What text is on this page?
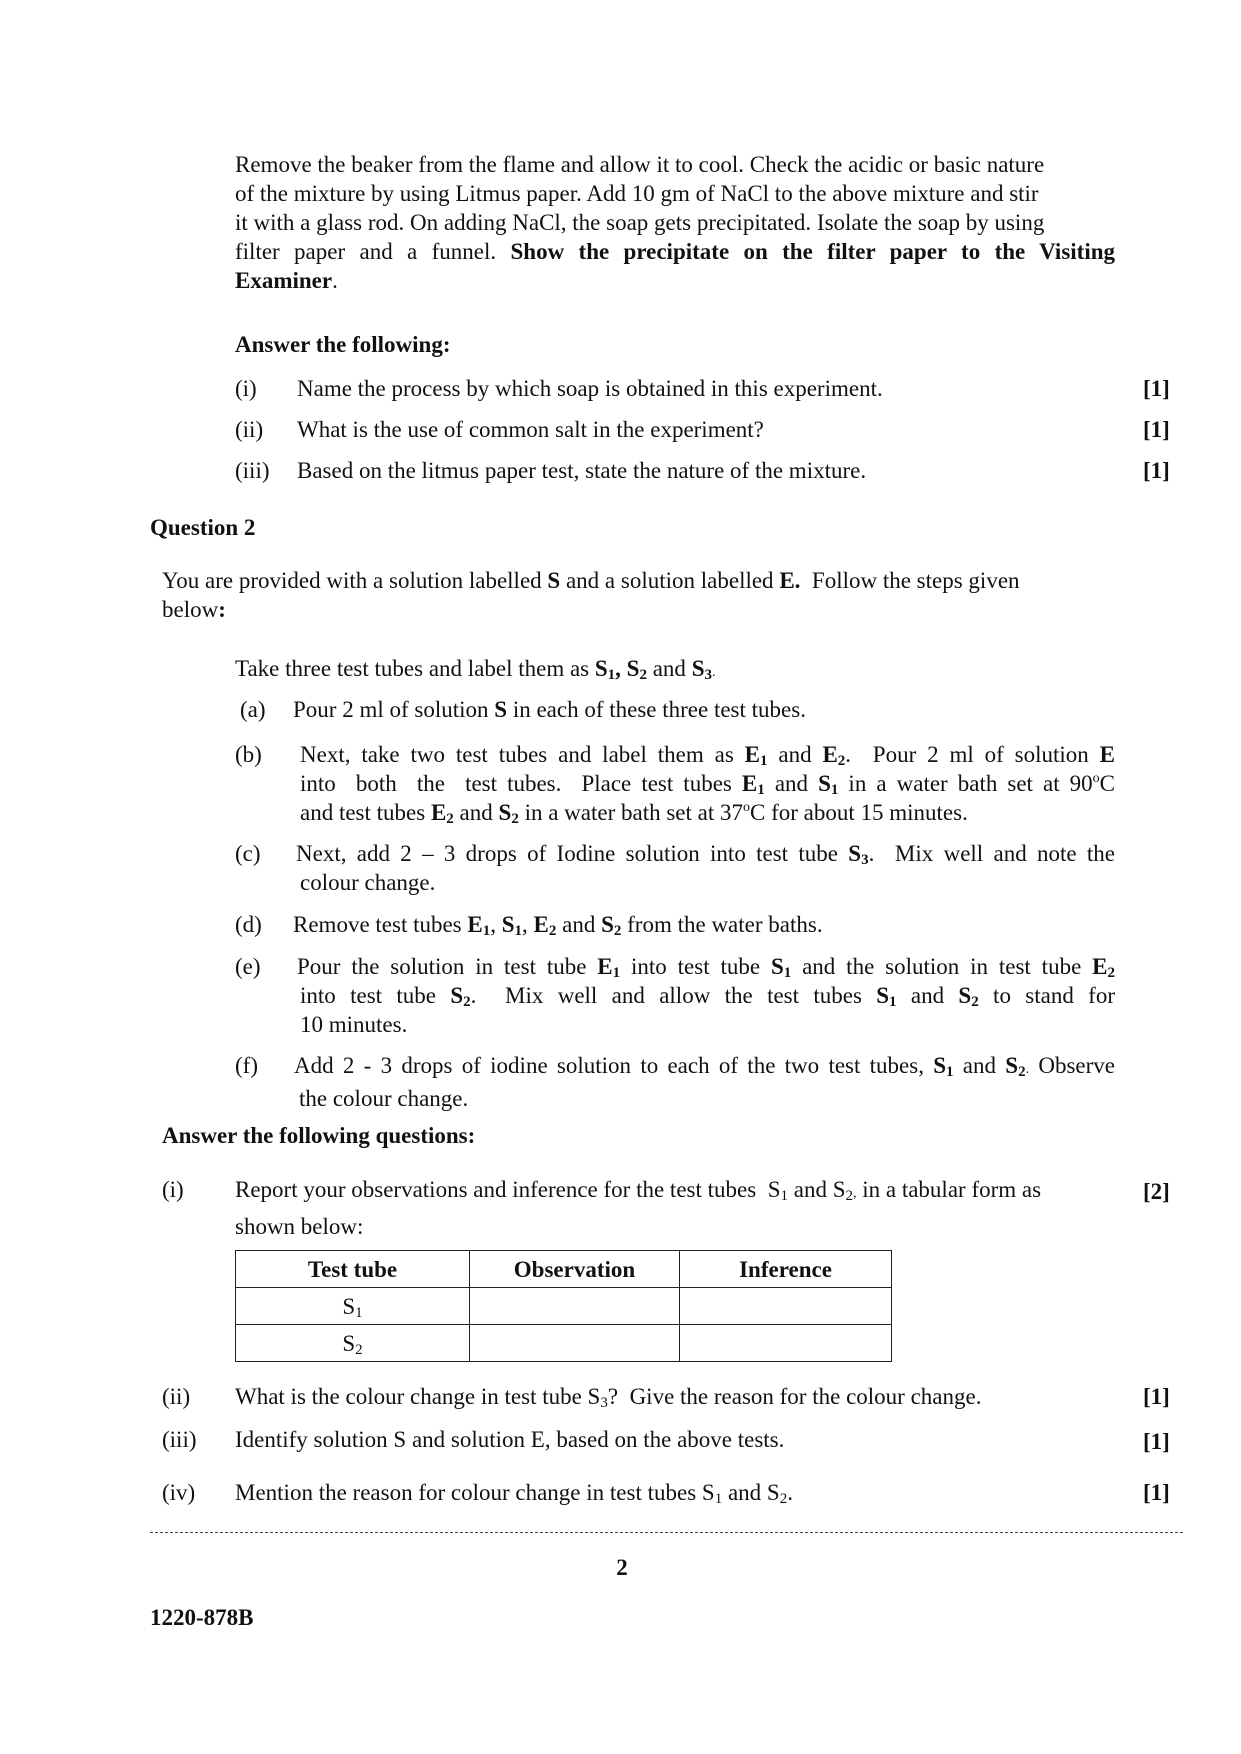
Remove the beaker from the flame and allow it to cool. Check the acidic or basic nature
of the mixture by using Litmus paper. Add 10 gm of NaCl to the above mixture and stir
it with a glass rod. On adding NaCl, the soap gets precipitated. Isolate the soap by using
filter paper and a funnel. Show the precipitate on the filter paper to the Visiting
Examiner.
Answer the following:
(i) Name the process by which soap is obtained in this experiment.	[1]
(ii) What is the use of common salt in the experiment?	[1]
(iii) Based on the litmus paper test, state the nature of the mixture.	[1]
Question 2
You are provided with a solution labelled S and a solution labelled E. Follow the steps given
below:
Take three test tubes and label them as $S_1$, $S_2$ and $S_3$.
(a) Pour 2 ml of solution S in each of these three test tubes.
(b) Next, take two test tubes and label them as $E_1$ and $E_2$.  Pour 2 ml of solution E
into  both  the  test tubes.  Place test tubes $E_1$ and $S_1$ in a water bath set at 90$^o$C
and test tubes $E_2$ and $S_2$ in a water bath set at 37$^o$C for about 15 minutes.
(c) Next, add 2 – 3 drops of Iodine solution into test tube $S_3$.  Mix well and note the
colour change.
(d) Remove test tubes $E_1$, $S_1$, $E_2$ and $S_2$ from the water baths.
(e) Pour the solution in test tube $E_1$ into test tube $S_1$ and the solution in test tube $E_2$
into test tube $S_2$.  Mix well and allow the test tubes $S_1$ and $S_2$ to stand for
10 minutes.
(f) Add 2 - 3 drops of iodine solution to each of the two test tubes, $S_1$ and $S_2$. Observe
the colour change.
Answer the following questions:
(i) Report your observations and inference for the test tubes  $S_1$ and $S_2$, in a tabular form as	[2]
shown below:
Test tube	Observation	Inference
$S_1$		
$S_2$		
(ii) What is the colour change in test tube $S_3$?  Give the reason for the colour change.	[1]
(iii) Identify solution S and solution E, based on the above tests.	[1]
(iv) Mention the reason for colour change in test tubes $S_1$ and $S_2$.	[1]
2
1220-878B
